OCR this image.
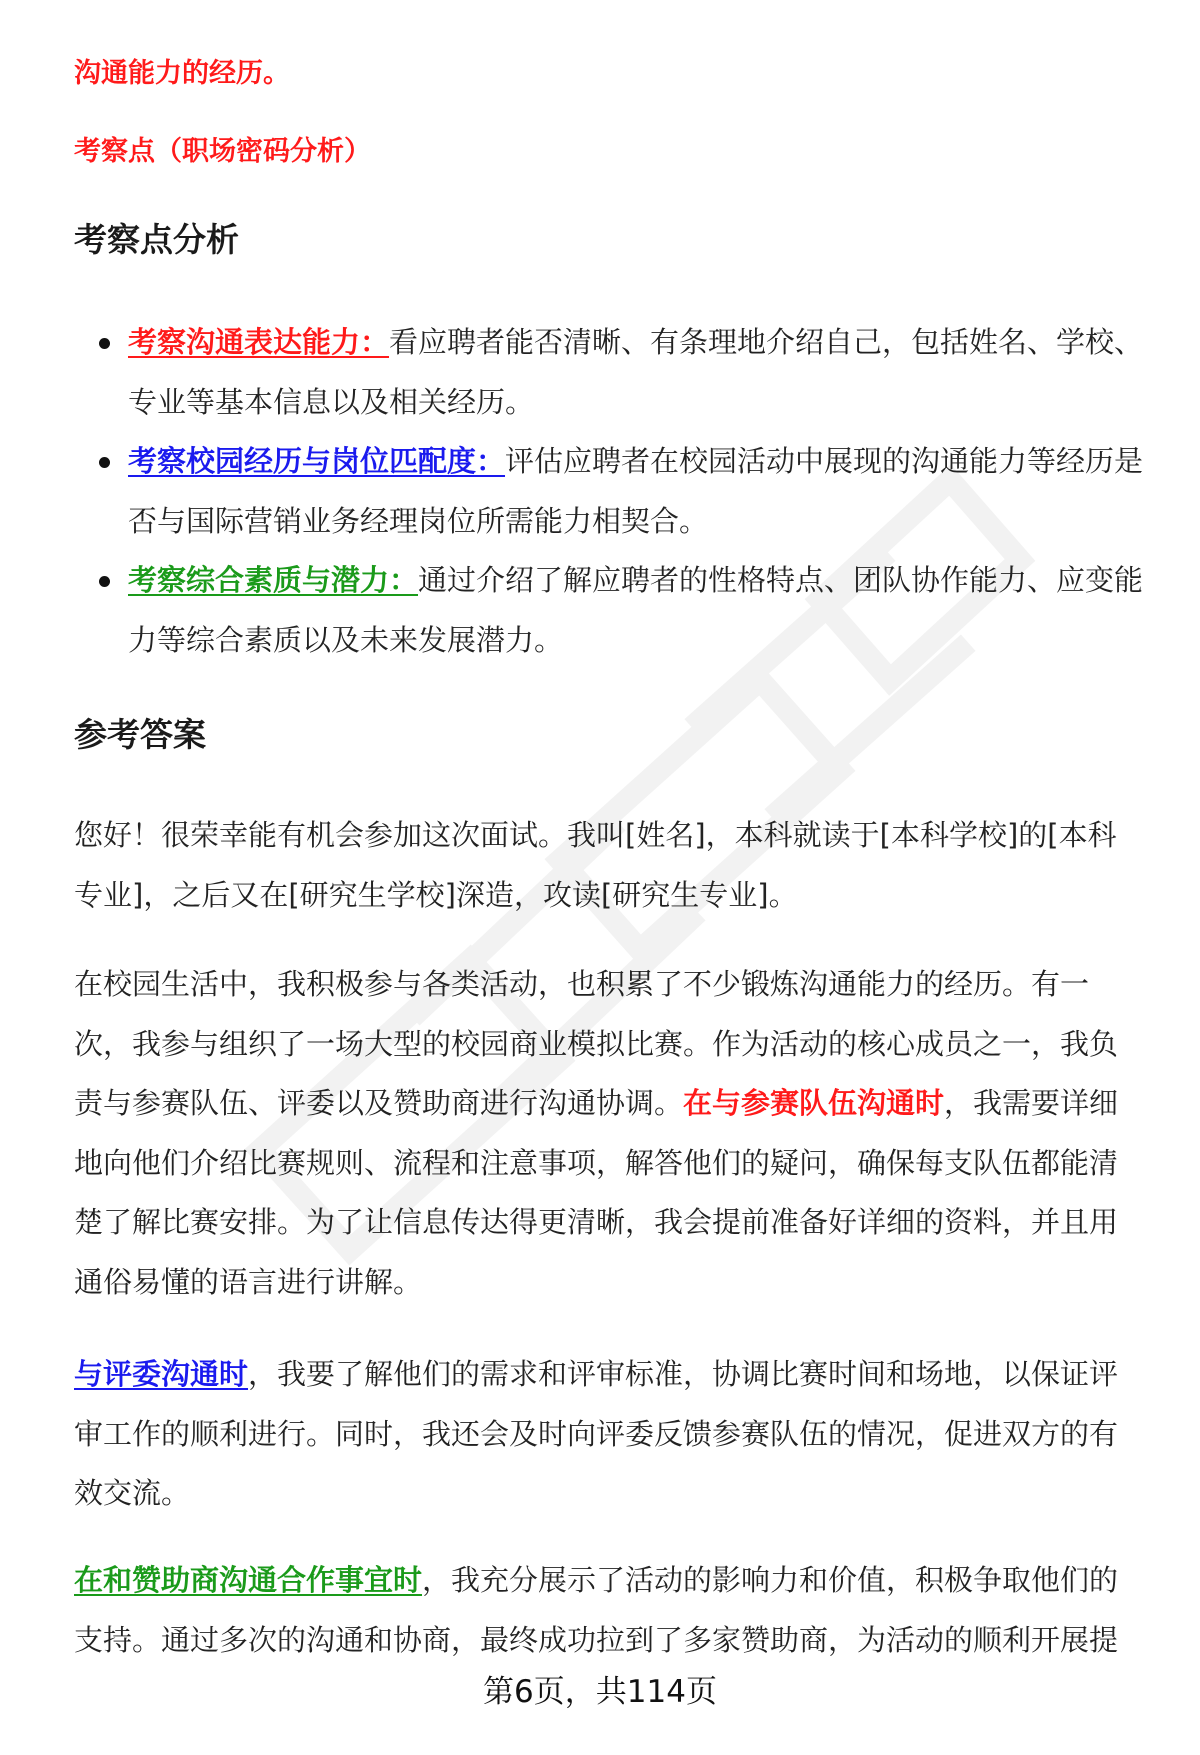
沟通能力的经历。
考察点（职场密码分析）
考察点分析
考察沟通表达能力：看应聘者能否清晰、有条理地介绍自己，包括姓名、学校、专业等基本信息以及相关经历。
考察校园经历与岗位匹配度：评估应聘者在校园活动中展现的沟通能力等经历是否与国际营销业务经理岗位所需能力相契合。
考察综合素质与潜力：通过介绍了解应聘者的性格特点、团队协作能力、应变能力等综合素质以及未来发展潜力。
参考答案

您好！很荣幸能有机会参加这次面试。我叫[姓名]，本科就读于[本科学校]的[本科专业]，之后又在[研究生学校]深造，攻读[研究生专业]。

在校园生活中，我积极参与各类活动，也积累了不少锻炼沟通能力的经历。有一次，我参与组织了一场大型的校园商业模拟比赛。作为活动的核心成员之一，我负责与参赛队伍、评委以及赞助商进行沟通协调。在与参赛队伍沟通时，我需要详细地向他们介绍比赛规则、流程和注意事项，解答他们的疑问，确保每支队伍都能清楚了解比赛安排。为了让信息传达得更清晰，我会提前准备好详细的资料，并且用通俗易懂的语言进行讲解。

与评委沟通时，我要了解他们的需求和评审标准，协调比赛时间和场地，以保证评审工作的顺利进行。同时，我还会及时向评委反馈参赛队伍的情况，促进双方的有效交流。

在和赞助商沟通合作事宜时，我充分展示了活动的影响力和价值，积极争取他们的支持。通过多次的沟通和协商，最终成功拉到了多家赞助商，为活动的顺利开展提

第6页，共114页
